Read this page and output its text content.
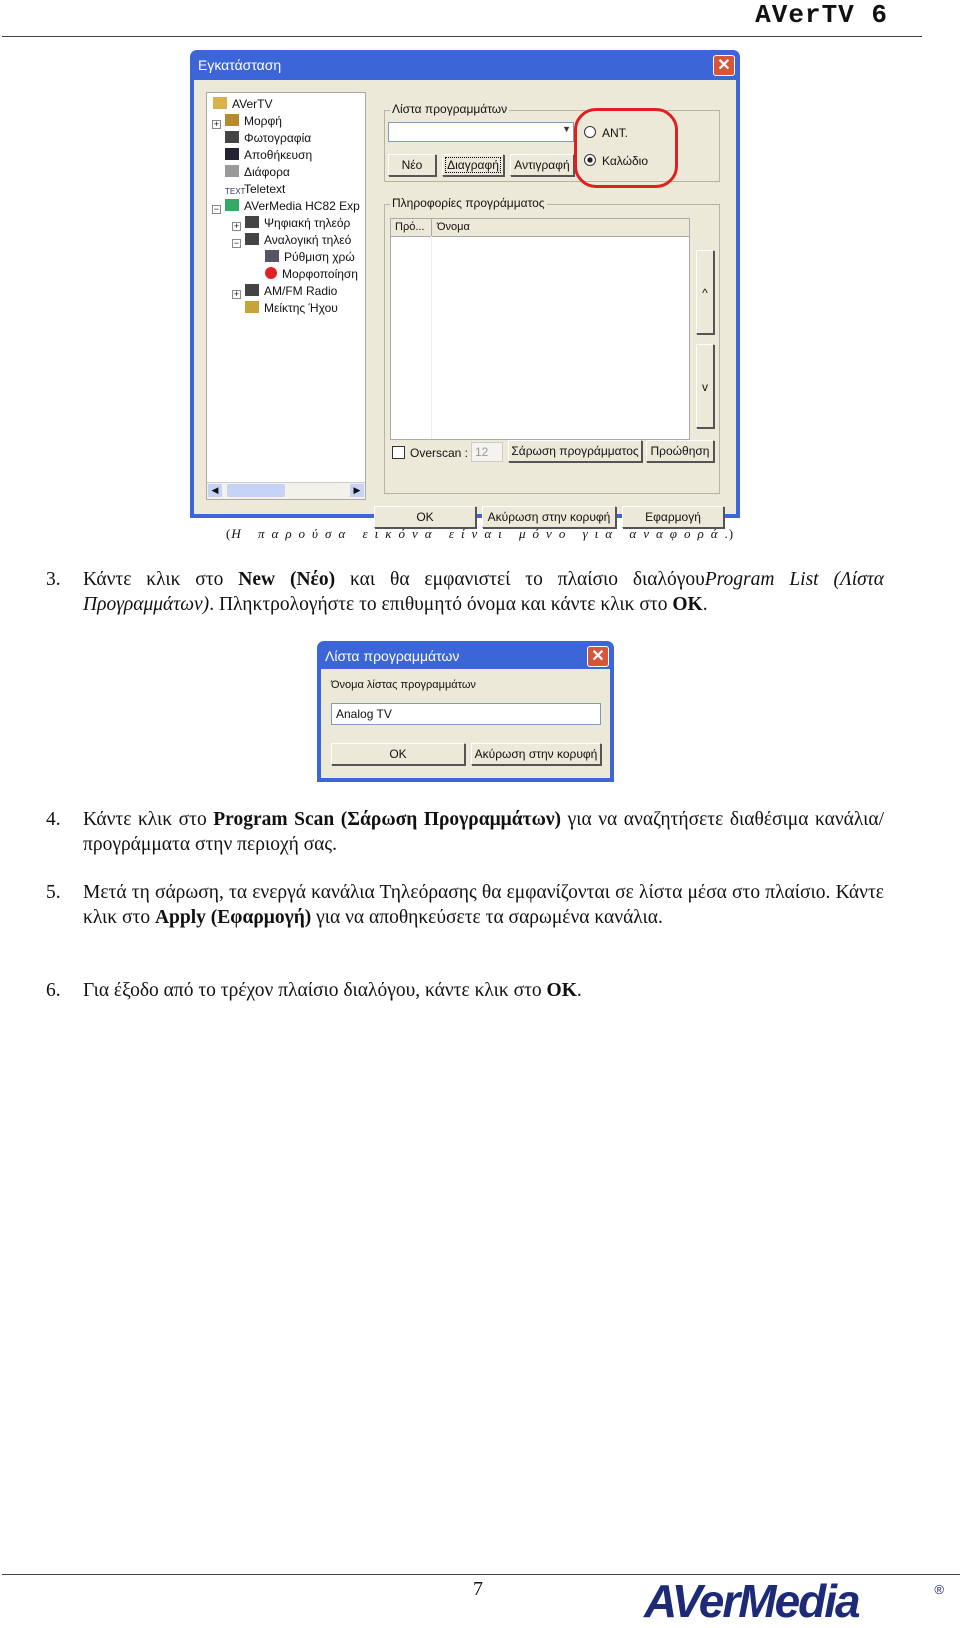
AVerTV 6
Εγκατάσταση	✕
AVerTV
+	Μορφή
Φωτογραφία
Αποθήκευση
Διάφορα
TEXTTeletext
−	AVerMedia HC82 Exp
+	Ψηφιακή τηλεόρ
−	Αναλογική τηλεό
Ρύθμιση χρώ
Μορφοποίηση
+	AM/FM Radio
Μείκτης Ήχου
◀	▶
Λίστα προγραμμάτων
▼
Νέο	Διαγραφή	Αντιγραφή
ΑΝΤ.
Καλώδιο
Πληροφορίες προγράμματος
Πρό...	Όνομα
^
v
Overscan : 12 Σάρωση προγράμματος Προώθηση
OK	Ακύρωση στην κορυφή	Εφαρμογή
(Η παρούσα εικόνα είναι μόνο για αναφορά.)
3. Κάντε κλικ στο New (Νέο) και θα εμφανιστεί το πλαίσιο διαλόγουProgram List (Λίστα Προγραμμάτων). Πληκτρολογήστε το επιθυμητό όνομα και κάντε κλικ στο OK.
Λίστα προγραμμάτων	✕
Όνομα λίστας προγραμμάτων
Analog TV
OK	Ακύρωση στην κορυφή
4. Κάντε κλικ στο Program Scan (Σάρωση Προγραμμάτων) για να αναζητήσετε διαθέσιμα κανάλια/προγράμματα στην περιοχή σας.
5. Μετά τη σάρωση, τα ενεργά κανάλια Τηλεόρασης θα εμφανίζονται σε λίστα μέσα στο πλαίσιο. Κάντε κλικ στο Apply (Εφαρμογή) για να αποθηκεύσετε τα σαρωμένα κανάλια.
6. Για έξοδο από το τρέχον πλαίσιο διαλόγου, κάντε κλικ στο OK.
7	AVerMedia	®
